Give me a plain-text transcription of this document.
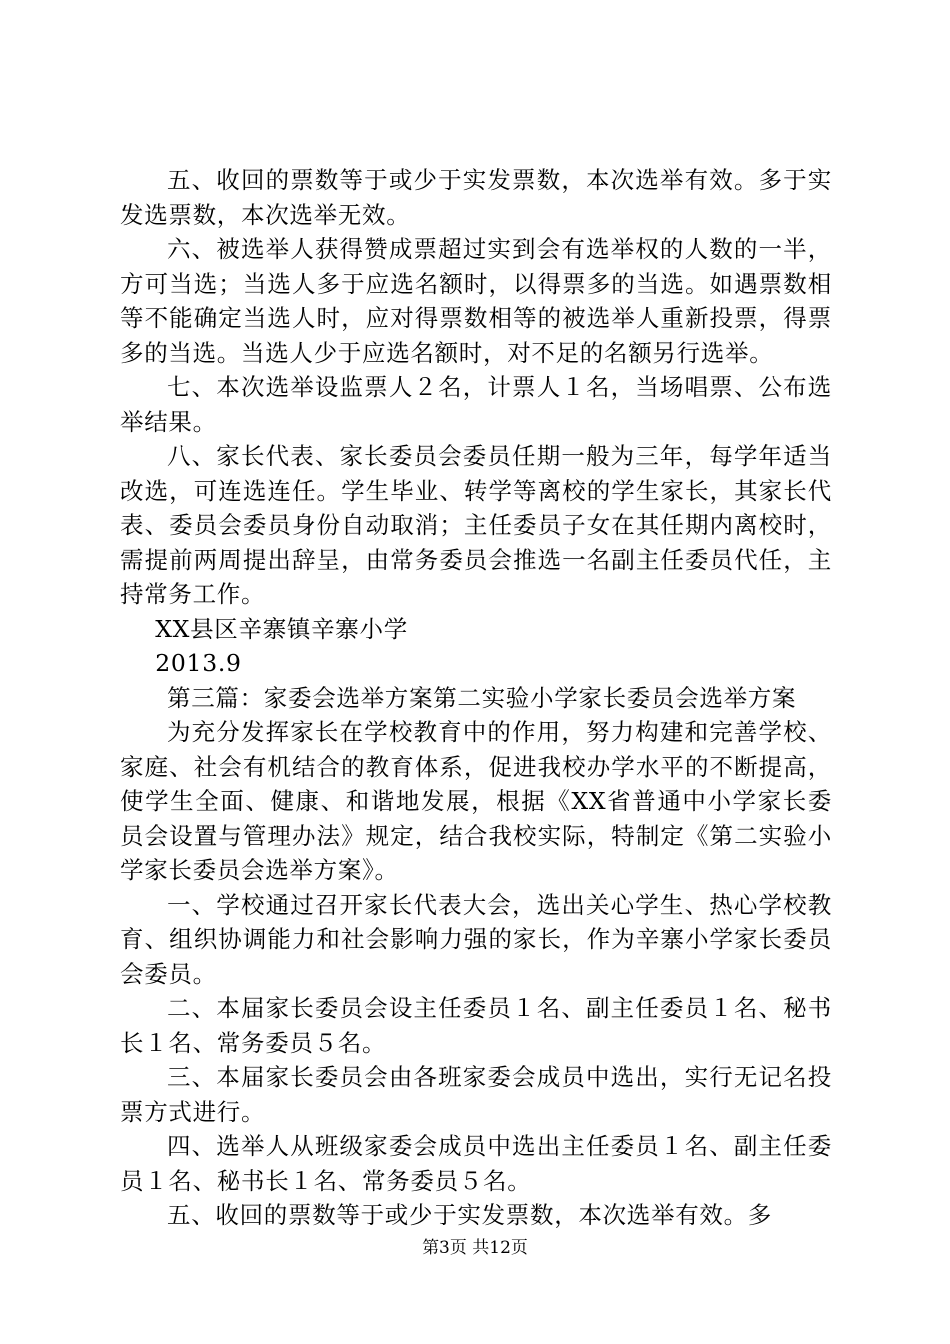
五、收回的票数等于或少于实发票数，本次选举有效。多于实发选票数，本次选举无效。

六、被选举人获得赞成票超过实到会有选举权的人数的一半，方可当选；当选人多于应选名额时，以得票多的当选。如遇票数相等不能确定当选人时，应对得票数相等的被选举人重新投票，得票多的当选。当选人少于应选名额时，对不足的名额另行选举。

七、本次选举设监票人２名，计票人１名，当场唱票、公布选举结果。

八、家长代表、家长委员会委员任期一般为三年，每学年适当改选，可连选连任。学生毕业、转学等离校的学生家长，其家长代表、委员会委员身份自动取消；主任委员子女在其任期内离校时，需提前两周提出辞呈，由常务委员会推选一名副主任委员代任，主持常务工作。

XX县区辛寨镇辛寨小学

2013.9

第三篇：家委会选举方案第二实验小学家长委员会选举方案

为充分发挥家长在学校教育中的作用，努力构建和完善学校、家庭、社会有机结合的教育体系，促进我校办学水平的不断提高，使学生全面、健康、和谐地发展，根据《XX省普通中小学家长委员会设置与管理办法》规定，结合我校实际，特制定《第二实验小学家长委员会选举方案》。

一、学校通过召开家长代表大会，选出关心学生、热心学校教育、组织协调能力和社会影响力强的家长，作为辛寨小学家长委员会委员。

二、本届家长委员会设主任委员１名、副主任委员１名、秘书长１名、常务委员５名。

三、本届家长委员会由各班家委会成员中选出，实行无记名投票方式进行。

四、选举人从班级家委会成员中选出主任委员１名、副主任委员１名、秘书长１名、常务委员５名。

五、收回的票数等于或少于实发票数，本次选举有效。多

第3页 共12页
